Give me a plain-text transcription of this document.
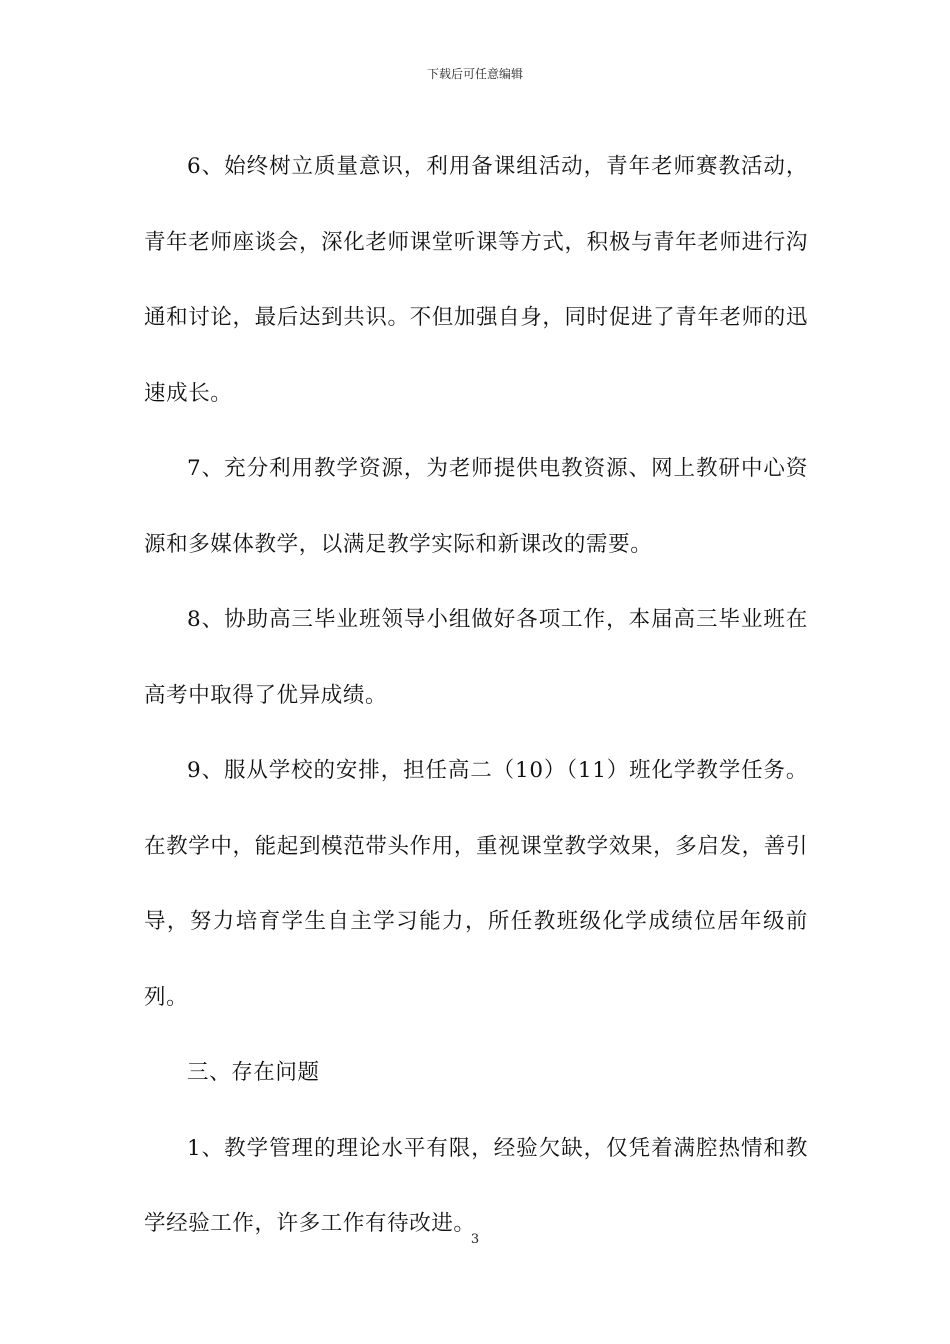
下载后可任意编辑

6、始终树立质量意识，利用备课组活动，青年老师赛教活动，青年老师座谈会，深化老师课堂听课等方式，积极与青年老师进行沟通和讨论，最后达到共识。不但加强自身，同时促进了青年老师的迅速成长。

7、充分利用教学资源，为老师提供电教资源、网上教研中心资源和多媒体教学，以满足教学实际和新课改的需要。

8、协助高三毕业班领导小组做好各项工作，本届高三毕业班在高考中取得了优异成绩。

9、服从学校的安排，担任高二（10）（11）班化学教学任务。在教学中，能起到模范带头作用，重视课堂教学效果，多启发，善引导，努力培育学生自主学习能力，所任教班级化学成绩位居年级前列。

三、存在问题

1、教学管理的理论水平有限，经验欠缺，仅凭着满腔热情和教学经验工作，许多工作有待改进。

3
